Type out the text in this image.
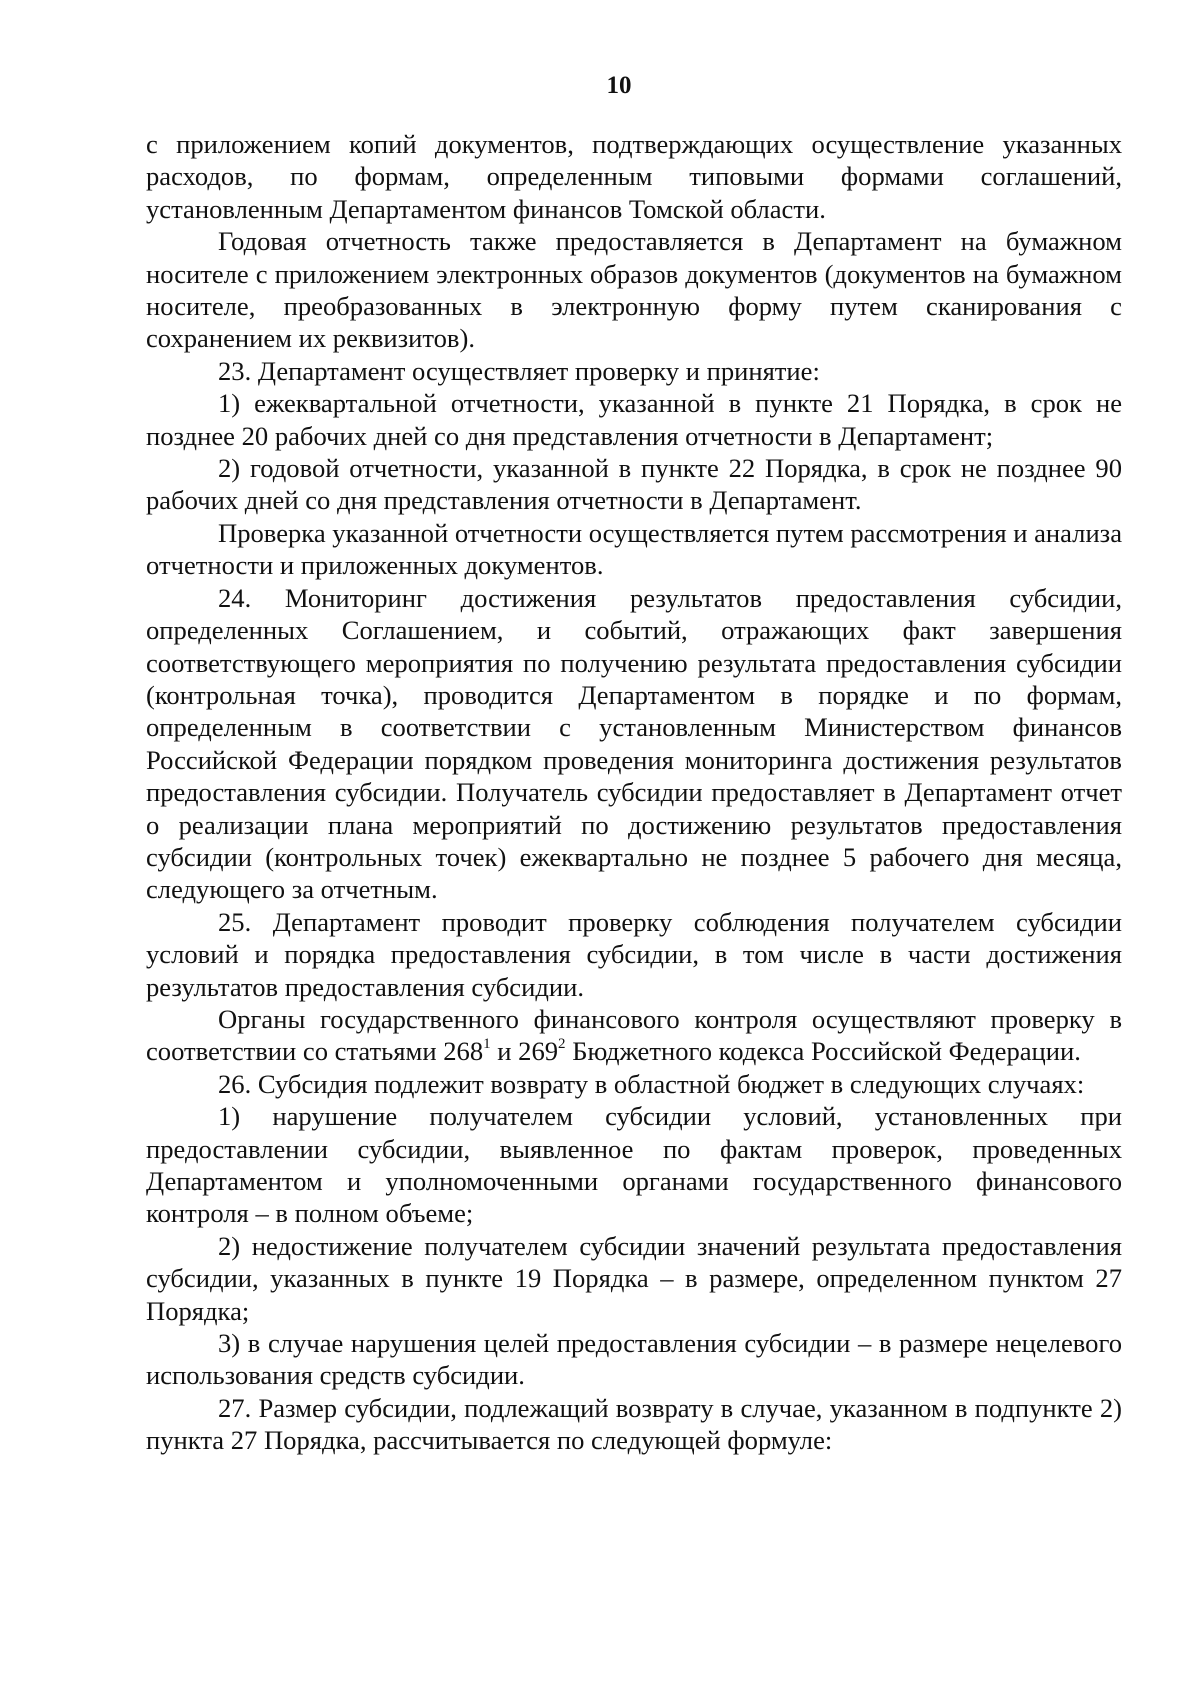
10

с приложением копий документов, подтверждающих осуществление указанных расходов, по формам, определенным типовыми формами соглашений, установленным Департаментом финансов Томской области.

Годовая отчетность также предоставляется в Департамент на бумажном носителе с приложением электронных образов документов (документов на бумажном носителе, преобразованных в электронную форму путем сканирования с сохранением их реквизитов).

23. Департамент осуществляет проверку и принятие:

1) ежеквартальной отчетности, указанной в пункте 21 Порядка, в срок не позднее 20 рабочих дней со дня представления отчетности в Департамент;

2) годовой отчетности, указанной в пункте 22 Порядка, в срок не позднее 90 рабочих дней со дня представления отчетности в Департамент.

Проверка указанной отчетности осуществляется путем рассмотрения и анализа отчетности и приложенных документов.

24. Мониторинг достижения результатов предоставления субсидии, определенных Соглашением, и событий, отражающих факт завершения соответствующего мероприятия по получению результата предоставления субсидии (контрольная точка), проводится Департаментом в порядке и по формам, определенным в соответствии с установленным Министерством финансов Российской Федерации порядком проведения мониторинга достижения результатов предоставления субсидии. Получатель субсидии предоставляет в Департамент отчет о реализации плана мероприятий по достижению результатов предоставления субсидии (контрольных точек) ежеквартально не позднее 5 рабочего дня месяца, следующего за отчетным.

25. Департамент проводит проверку соблюдения получателем субсидии условий и порядка предоставления субсидии, в том числе в части достижения результатов предоставления субсидии.

Органы государственного финансового контроля осуществляют проверку в соответствии со статьями $268^1$ и $269^2$ Бюджетного кодекса Российской Федерации.

26. Субсидия подлежит возврату в областной бюджет в следующих случаях:

1) нарушение получателем субсидии условий, установленных при предоставлении субсидии, выявленное по фактам проверок, проведенных Департаментом и уполномоченными органами государственного финансового контроля – в полном объеме;

2) недостижение получателем субсидии значений результата предоставления субсидии, указанных в пункте 19 Порядка – в размере, определенном пунктом 27 Порядка;

3) в случае нарушения целей предоставления субсидии – в размере нецелевого использования средств субсидии.

27. Размер субсидии, подлежащий возврату в случае, указанном в подпункте 2) пункта 27 Порядка, рассчитывается по следующей формуле:
